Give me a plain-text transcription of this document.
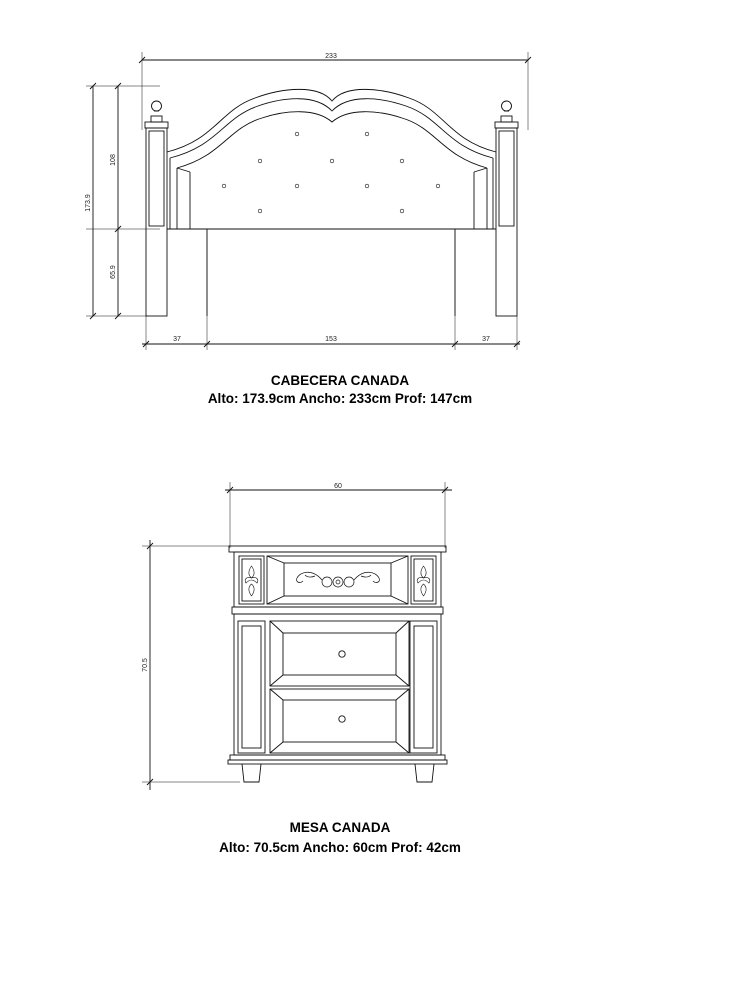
233
173.9
108
65.9
37	153	37
60
70.5
CABECERA CANADA
Alto: 173.9cm Ancho: 233cm Prof: 147cm
MESA CANADA
Alto: 70.5cm Ancho: 60cm Prof: 42cm
